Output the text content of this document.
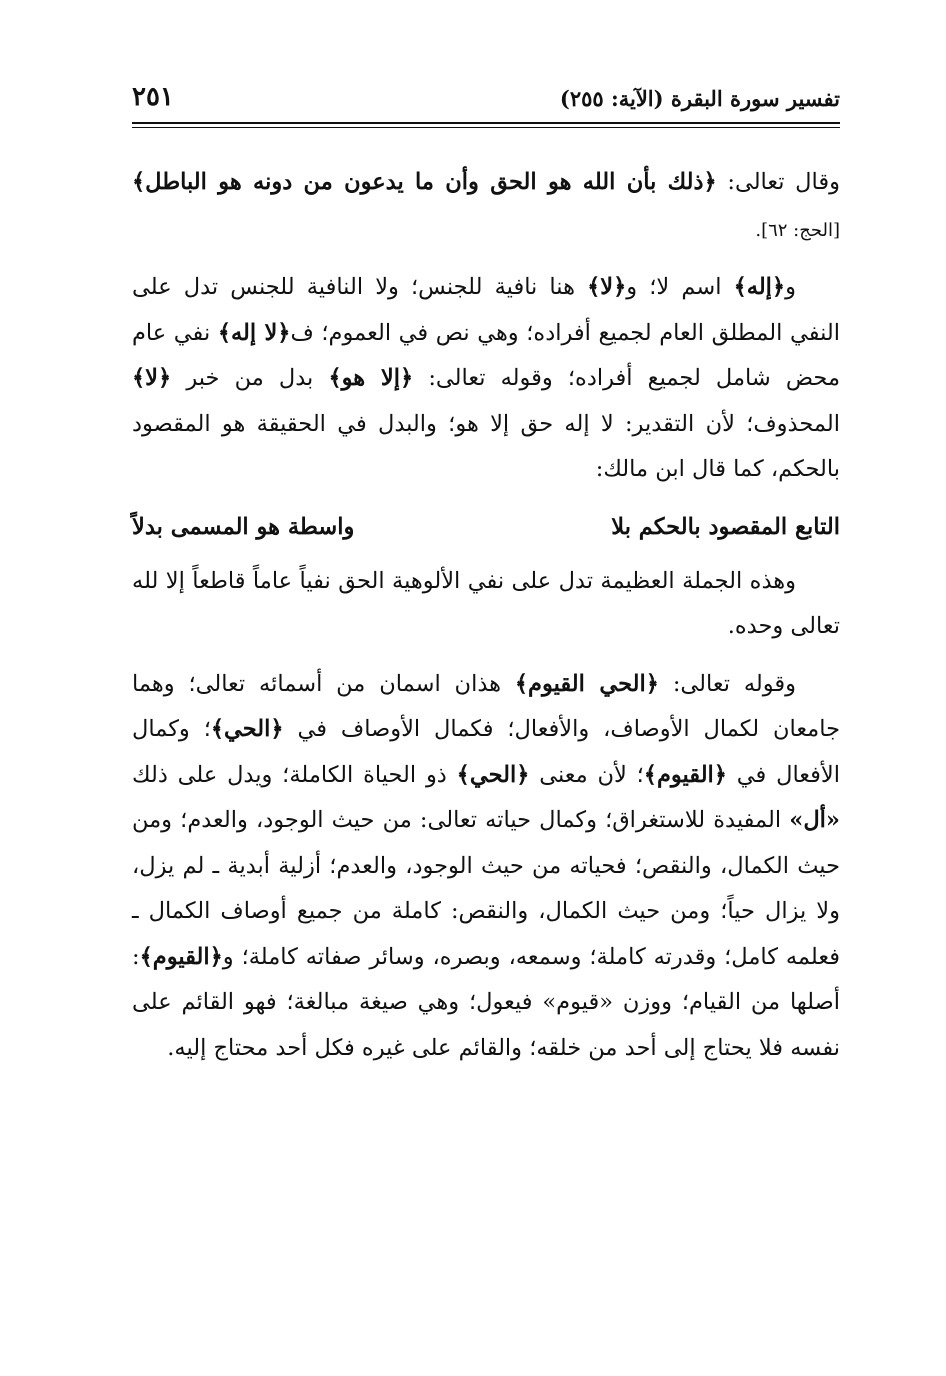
تفسير سورة البقرة (الآية: ٢٥٥)
٢٥١

وقال تعالى: ﴿ذلك بأن الله هو الحق وأن ما يدعون من دونه هو الباطل﴾ [الحج: ٦٢].

و﴿إله﴾ اسم لا؛ و﴿لا﴾ هنا نافية للجنس؛ ولا النافية للجنس تدل على النفي المطلق العام لجميع أفراده؛ وهي نص في العموم؛ ف﴿لا إله﴾ نفي عام محض شامل لجميع أفراده؛ وقوله تعالى: ﴿إلا هو﴾ بدل من خبر ﴿لا﴾ المحذوف؛ لأن التقدير: لا إله حق إلا هو؛ والبدل في الحقيقة هو المقصود بالحكم، كما قال ابن مالك:

التابع المقصود بالحكم بلا
واسطة هو المسمى بدلاً

وهذه الجملة العظيمة تدل على نفي الألوهية الحق نفياً عاماً قاطعاً إلا لله تعالى وحده.

وقوله تعالى: ﴿الحي القيوم﴾ هذان اسمان من أسمائه تعالى؛ وهما جامعان لكمال الأوصاف، والأفعال؛ فكمال الأوصاف في ﴿الحي﴾؛ وكمال الأفعال في ﴿القيوم﴾؛ لأن معنى ﴿الحي﴾ ذو الحياة الكاملة؛ ويدل على ذلك «أل» المفيدة للاستغراق؛ وكمال حياته تعالى: من حيث الوجود، والعدم؛ ومن حيث الكمال، والنقص؛ فحياته من حيث الوجود، والعدم؛ أزلية أبدية ـ لم يزل، ولا يزال حياً؛ ومن حيث الكمال، والنقص: كاملة من جميع أوصاف الكمال ـ فعلمه كامل؛ وقدرته كاملة؛ وسمعه، وبصره، وسائر صفاته كاملة؛ و﴿القيوم﴾: أصلها من القيام؛ ووزن «قيوم» فيعول؛ وهي صيغة مبالغة؛ فهو القائم على نفسه فلا يحتاج إلى أحد من خلقه؛ والقائم على غيره فكل أحد محتاج إليه.
